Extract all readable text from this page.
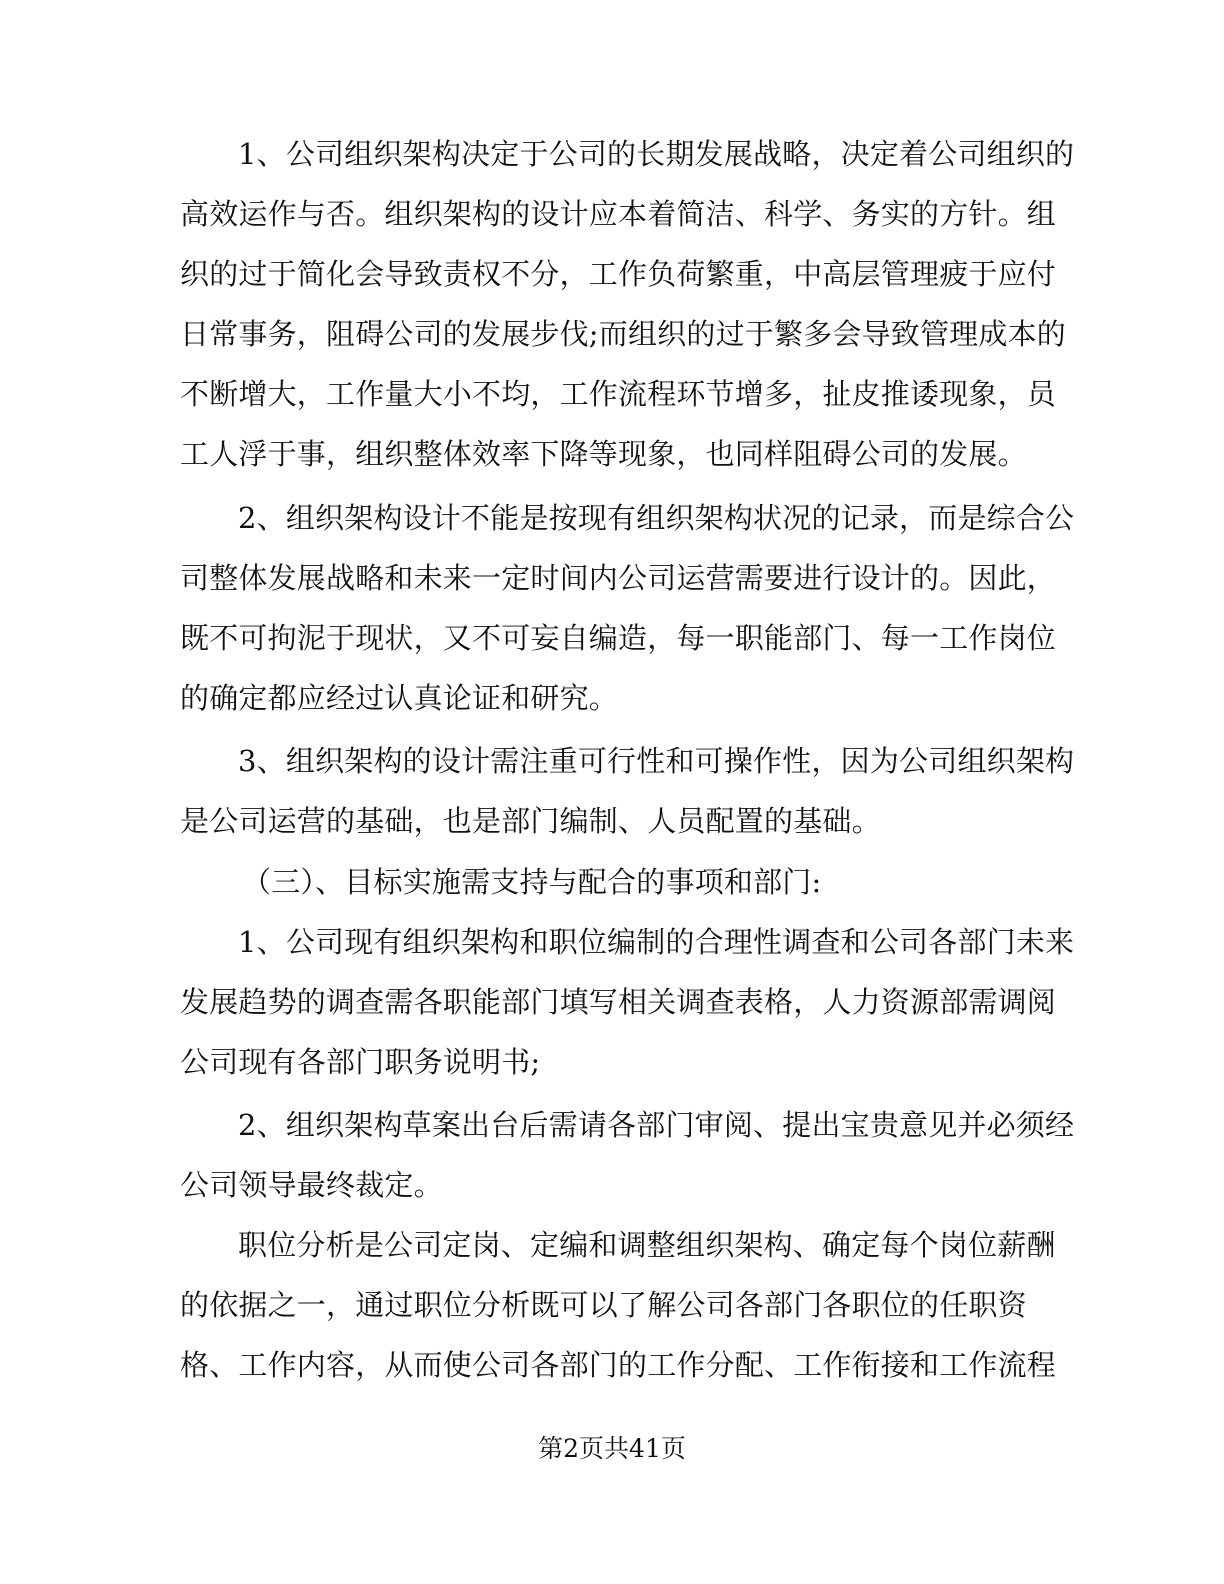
1、公司组织架构决定于公司的长期发展战略，决定着公司组织的
高效运作与否。组织架构的设计应本着简洁、科学、务实的方针。组
织的过于简化会导致责权不分，工作负荷繁重，中高层管理疲于应付
日常事务，阻碍公司的发展步伐;而组织的过于繁多会导致管理成本的
不断增大，工作量大小不均，工作流程环节增多，扯皮推诿现象，员
工人浮于事，组织整体效率下降等现象，也同样阻碍公司的发展。
2、组织架构设计不能是按现有组织架构状况的记录，而是综合公
司整体发展战略和未来一定时间内公司运营需要进行设计的。因此，
既不可拘泥于现状，又不可妄自编造，每一职能部门、每一工作岗位
的确定都应经过认真论证和研究。
3、组织架构的设计需注重可行性和可操作性，因为公司组织架构
是公司运营的基础，也是部门编制、人员配置的基础。
（三）、目标实施需支持与配合的事项和部门:
1、公司现有组织架构和职位编制的合理性调查和公司各部门未来
发展趋势的调查需各职能部门填写相关调查表格，人力资源部需调阅
公司现有各部门职务说明书;
2、组织架构草案出台后需请各部门审阅、提出宝贵意见并必须经
公司领导最终裁定。
职位分析是公司定岗、定编和调整组织架构、确定每个岗位薪酬
的依据之一，通过职位分析既可以了解公司各部门各职位的任职资
格、工作内容，从而使公司各部门的工作分配、工作衔接和工作流程
第2页共41页
